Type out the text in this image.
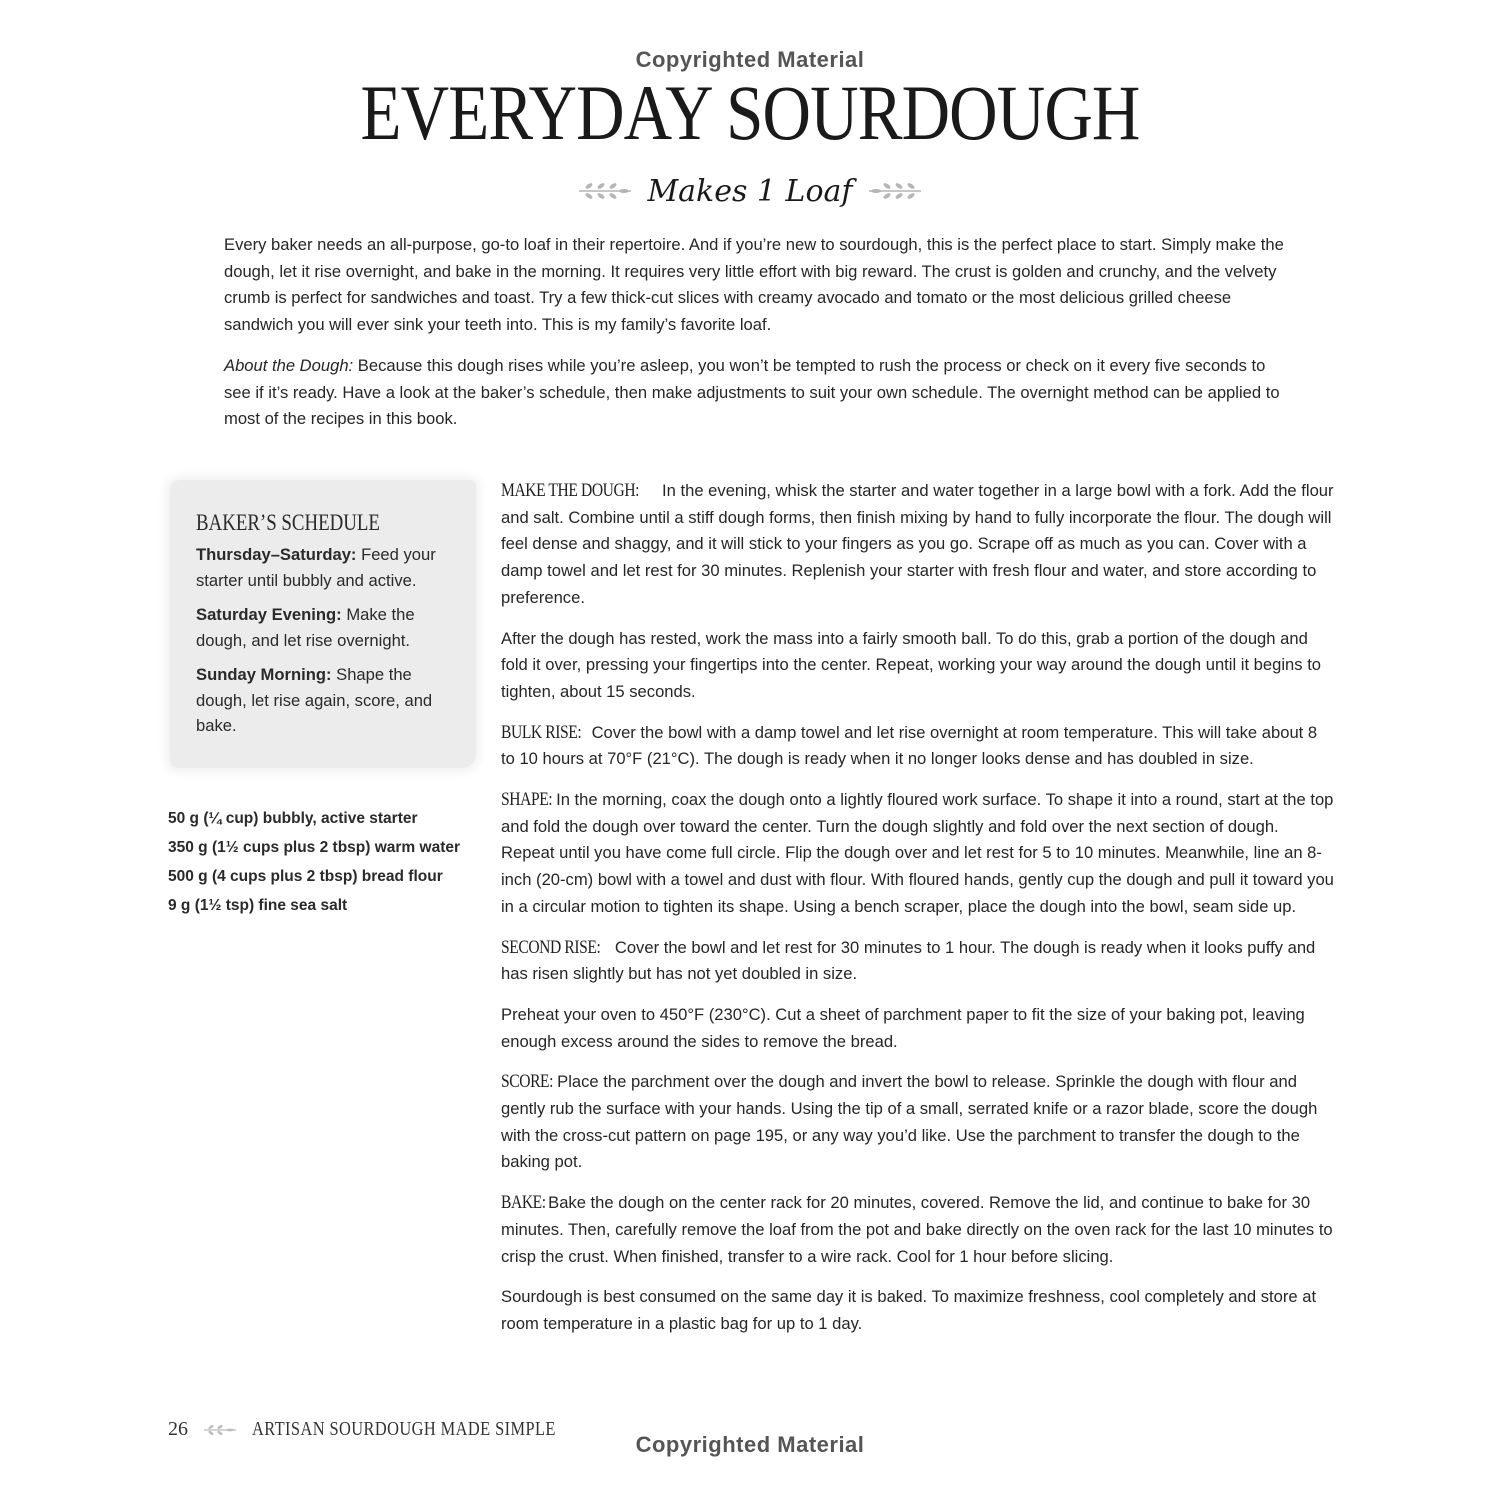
Copyrighted Material
EVERYDAY SOURDOUGH
Makes 1 Loaf

Every baker needs an all-purpose, go-to loaf in their repertoire. And if you’re new to sourdough, this is the perfect place to start. Simply make the dough, let it rise overnight, and bake in the morning. It requires very little effort with big reward. The crust is golden and crunchy, and the velvety crumb is perfect for sandwiches and toast. Try a few thick-cut slices with creamy avocado and tomato or the most delicious grilled cheese sandwich you will ever sink your teeth into. This is my family’s favorite loaf.

About the Dough: Because this dough rises while you’re asleep, you won’t be tempted to rush the process or check on it every five seconds to see if it’s ready. Have a look at the baker’s schedule, then make adjustments to suit your own schedule. The overnight method can be applied to most of the recipes in this book.

BAKER’S SCHEDULE
Thursday–Saturday: Feed your starter until bubbly and active.
Saturday Evening: Make the dough, and let rise overnight.
Sunday Morning: Shape the dough, let rise again, score, and bake.
50 g (¼ cup) bubbly, active starter
350 g (1½ cups plus 2 tbsp) warm water
500 g (4 cups plus 2 tbsp) bread flour
9 g (1½ tsp) fine sea salt

MAKE THE DOUGH: In the evening, whisk the starter and water together in a large bowl with a fork. Add the flour and salt. Combine until a stiff dough forms, then finish mixing by hand to fully incorporate the flour. The dough will feel dense and shaggy, and it will stick to your fingers as you go. Scrape off as much as you can. Cover with a damp towel and let rest for 30 minutes. Replenish your starter with fresh flour and water, and store according to preference.

After the dough has rested, work the mass into a fairly smooth ball. To do this, grab a portion of the dough and fold it over, pressing your fingertips into the center. Repeat, working your way around the dough until it begins to tighten, about 15 seconds.

BULK RISE: Cover the bowl with a damp towel and let rise overnight at room temperature. This will take about 8 to 10 hours at 70°F (21°C). The dough is ready when it no longer looks dense and has doubled in size.

SHAPE: In the morning, coax the dough onto a lightly floured work surface. To shape it into a round, start at the top and fold the dough over toward the center. Turn the dough slightly and fold over the next section of dough. Repeat until you have come full circle. Flip the dough over and let rest for 5 to 10 minutes. Meanwhile, line an 8-inch (20-cm) bowl with a towel and dust with flour. With floured hands, gently cup the dough and pull it toward you in a circular motion to tighten its shape. Using a bench scraper, place the dough into the bowl, seam side up.

SECOND RISE: Cover the bowl and let rest for 30 minutes to 1 hour. The dough is ready when it looks puffy and has risen slightly but has not yet doubled in size.

Preheat your oven to 450°F (230°C). Cut a sheet of parchment paper to fit the size of your baking pot, leaving enough excess around the sides to remove the bread.

SCORE: Place the parchment over the dough and invert the bowl to release. Sprinkle the dough with flour and gently rub the surface with your hands. Using the tip of a small, serrated knife or a razor blade, score the dough with the cross-cut pattern on page 195, or any way you’d like. Use the parchment to transfer the dough to the baking pot.

BAKE: Bake the dough on the center rack for 20 minutes, covered. Remove the lid, and continue to bake for 30 minutes. Then, carefully remove the loaf from the pot and bake directly on the oven rack for the last 10 minutes to crisp the crust. When finished, transfer to a wire rack. Cool for 1 hour before slicing.

Sourdough is best consumed on the same day it is baked. To maximize freshness, cool completely and store at room temperature in a plastic bag for up to 1 day.

26	ARTISAN SOURDOUGH MADE SIMPLE
Copyrighted Material
